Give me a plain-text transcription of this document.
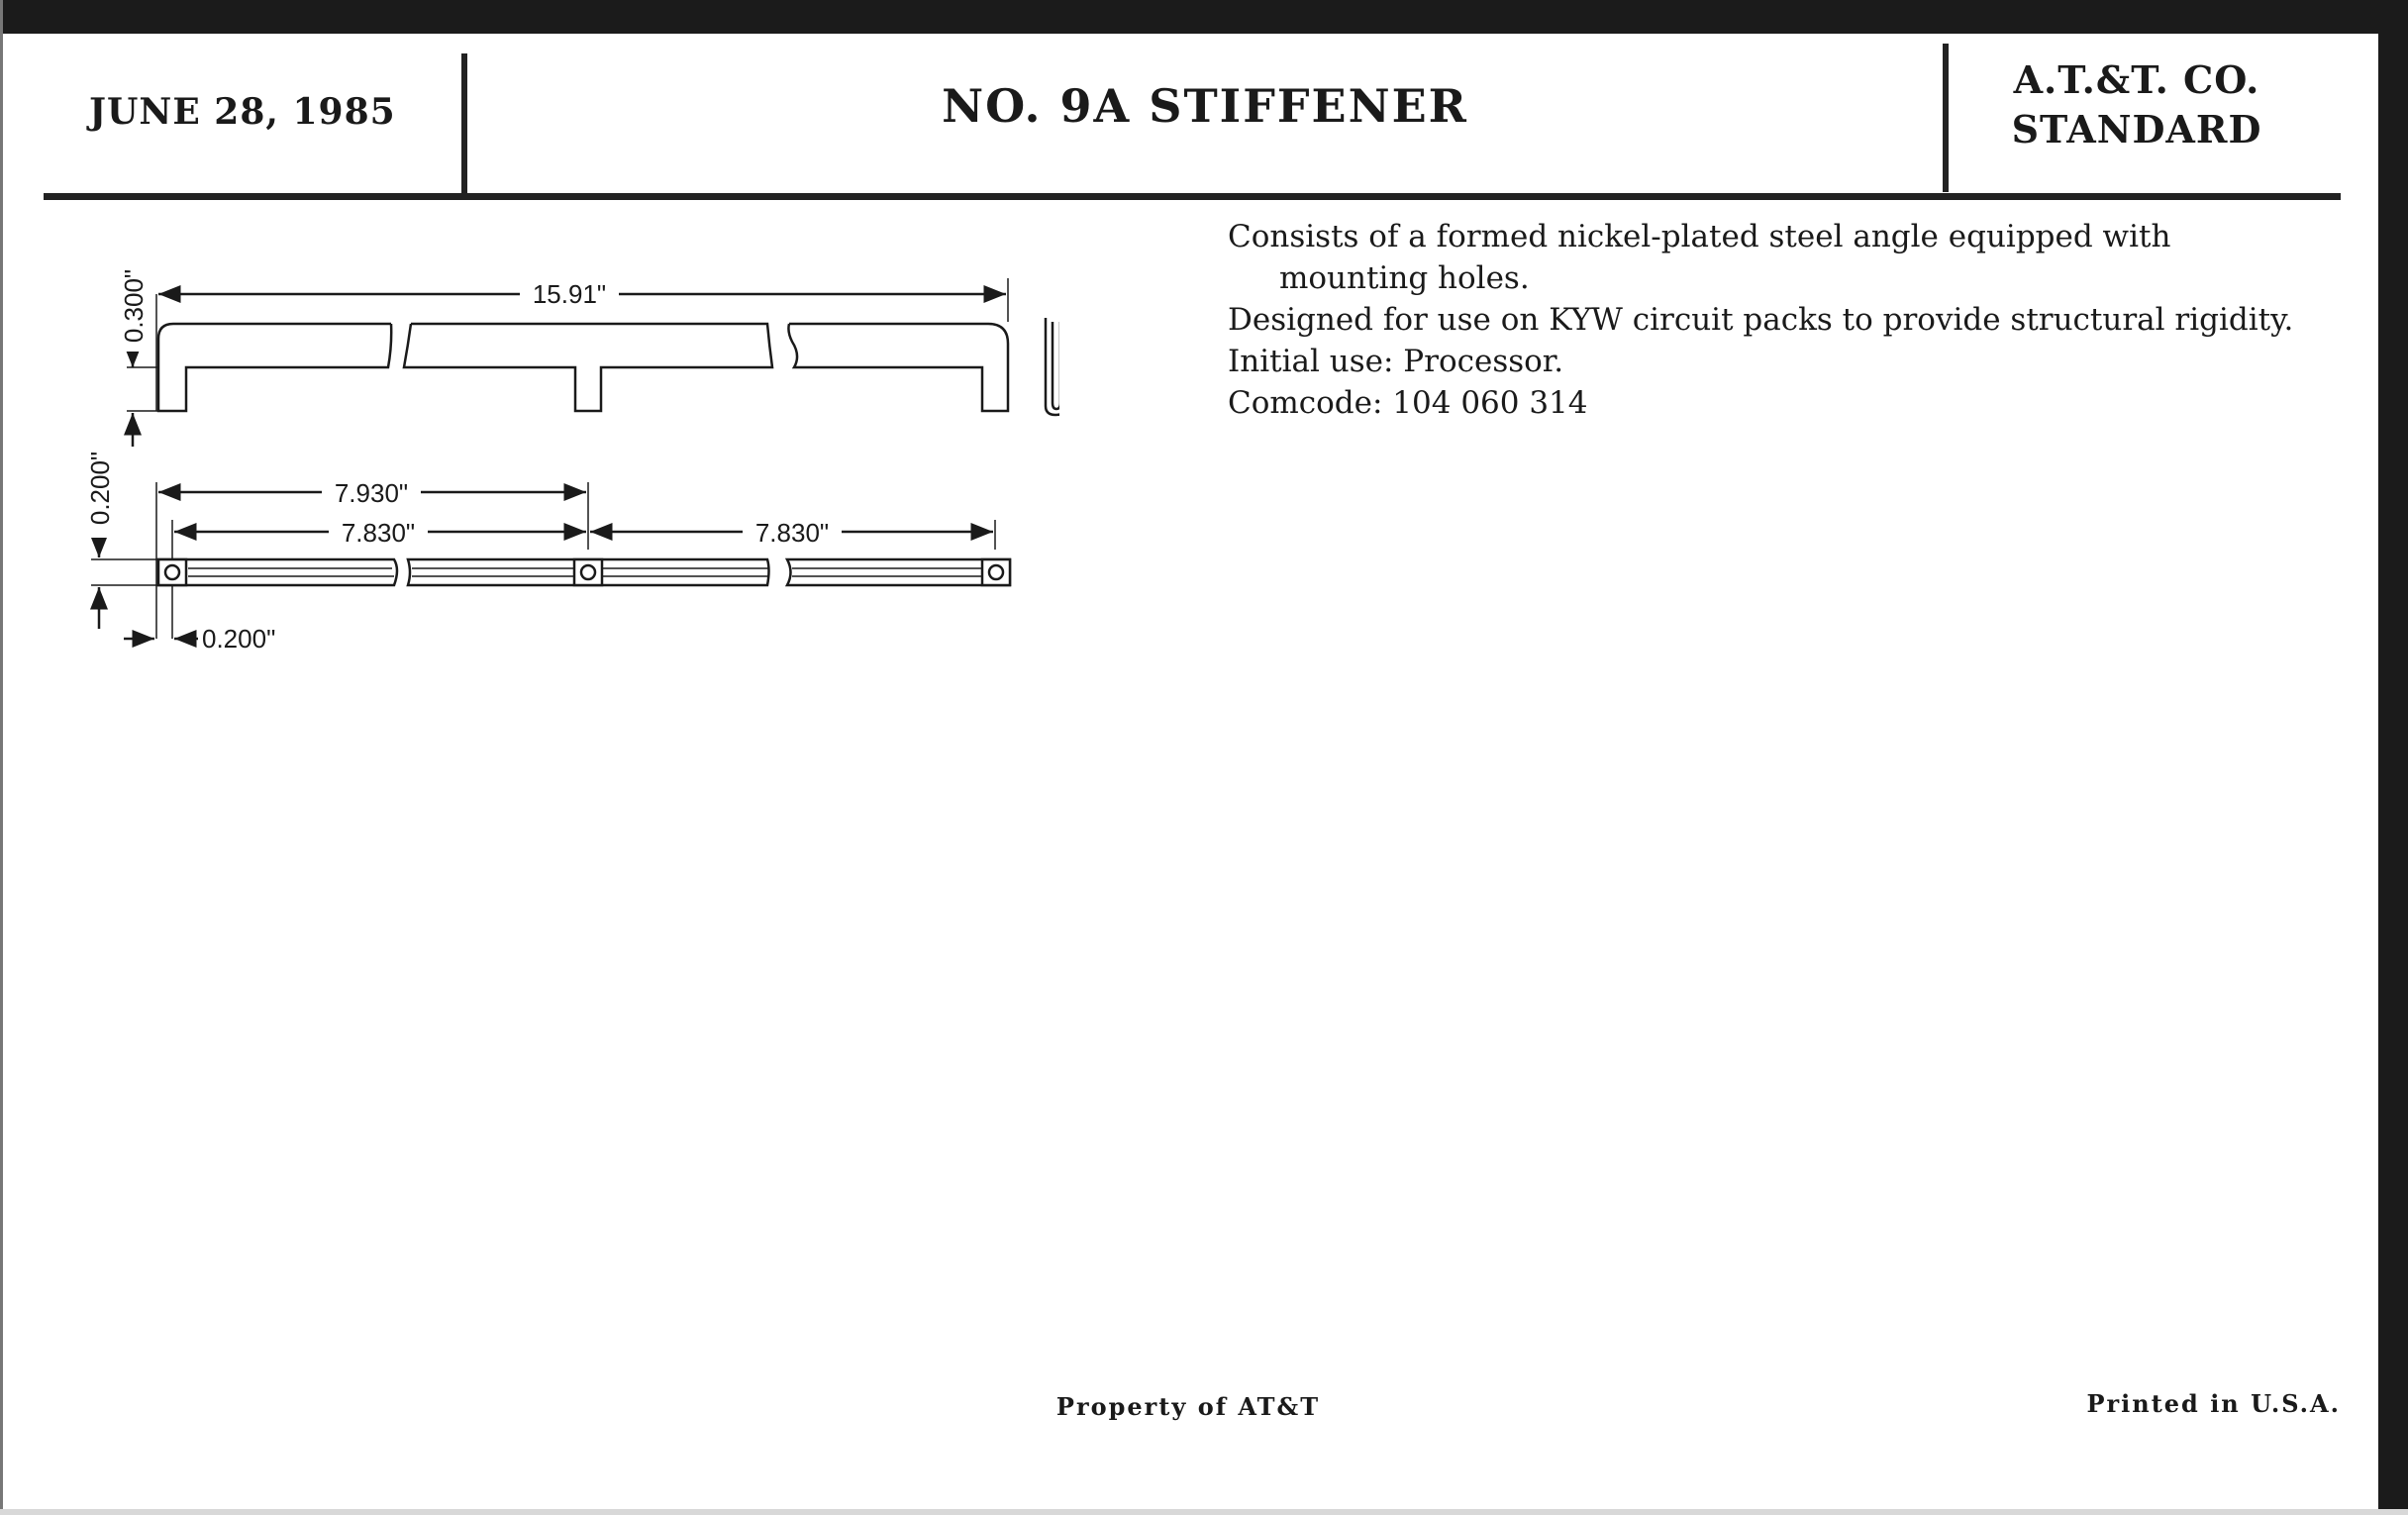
JUNE 28, 1985	NO. 9A STIFFENER	A.T.&T. CO.
STANDARD

Consists of a formed nickel-plated steel angle equipped with mounting holes.

Designed for use on KYW circuit packs to provide structural rigidity.

Initial use: Processor.

Comcode: 104 060 314

15.91"
0.300"
7.930"
7.830"	7.830"
0.200"
0.200"
Property of AT&T	Printed in U.S.A.
